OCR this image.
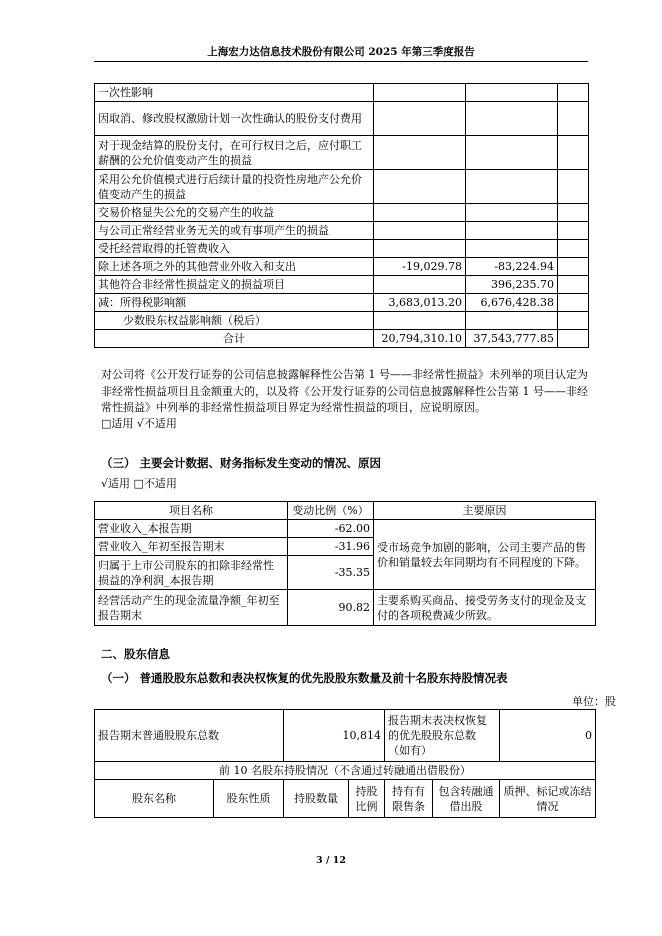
上海宏力达信息技术股份有限公司 2025 年第三季度报告
一次性影响			
因取消、修改股权激励计划一次性确认的股份支付费用			
对于现金结算的股份支付，在可行权日之后，应付职工薪酬的公允价值变动产生的损益			
采用公允价值模式进行后续计量的投资性房地产公允价值变动产生的损益			
交易价格显失公允的交易产生的收益			
与公司正常经营业务无关的或有事项产生的损益			
受托经营取得的托管费收入			
除上述各项之外的其他营业外收入和支出	-19,029.78	-83,224.94	
其他符合非经常性损益定义的损益项目		396,235.70	
减：所得税影响额	3,683,013.20	6,676,428.38	
少数股东权益影响额（税后）			
合计	20,794,310.10	37,543,777.85	
对公司将《公开发行证券的公司信息披露解释性公告第 1 号——非经常性损益》未列举的项目认定为非经常性损益项目且金额重大的，以及将《公开发行证券的公司信息披露解释性公告第 1 号——非经常性损益》中列举的非经常性损益项目界定为经常性损益的项目，应说明原因。
□适用 √不适用
（三） 主要会计数据、财务指标发生变动的情况、原因
√适用 □不适用
项目名称	变动比例（%）	主要原因
营业收入_本报告期	-62.00	受市场竞争加剧的影响，公司主要产品的售价和销量较去年同期均有不同程度的下降。
营业收入_年初至报告期末	-31.96	
归属于上市公司股东的扣除非经常性损益的净利润_本报告期	-35.35	
经营活动产生的现金流量净额_年初至报告期末	90.82	主要系购买商品、接受劳务支付的现金及支付的各项税费减少所致。
二、股东信息
（一） 普通股股东总数和表决权恢复的优先股股东数量及前十名股东持股情况表
单位：股
报告期末普通股股东总数		10,814		报告期末表决权恢复的优先股股东总数（如有）		0
前 10 名股东持股情况（不含通过转融通出借股份）						
股东名称	股东性质	持股数量	持股比例	持有有限售条	包含转融通借出股	质押、标记或冻结情况
3 / 12
